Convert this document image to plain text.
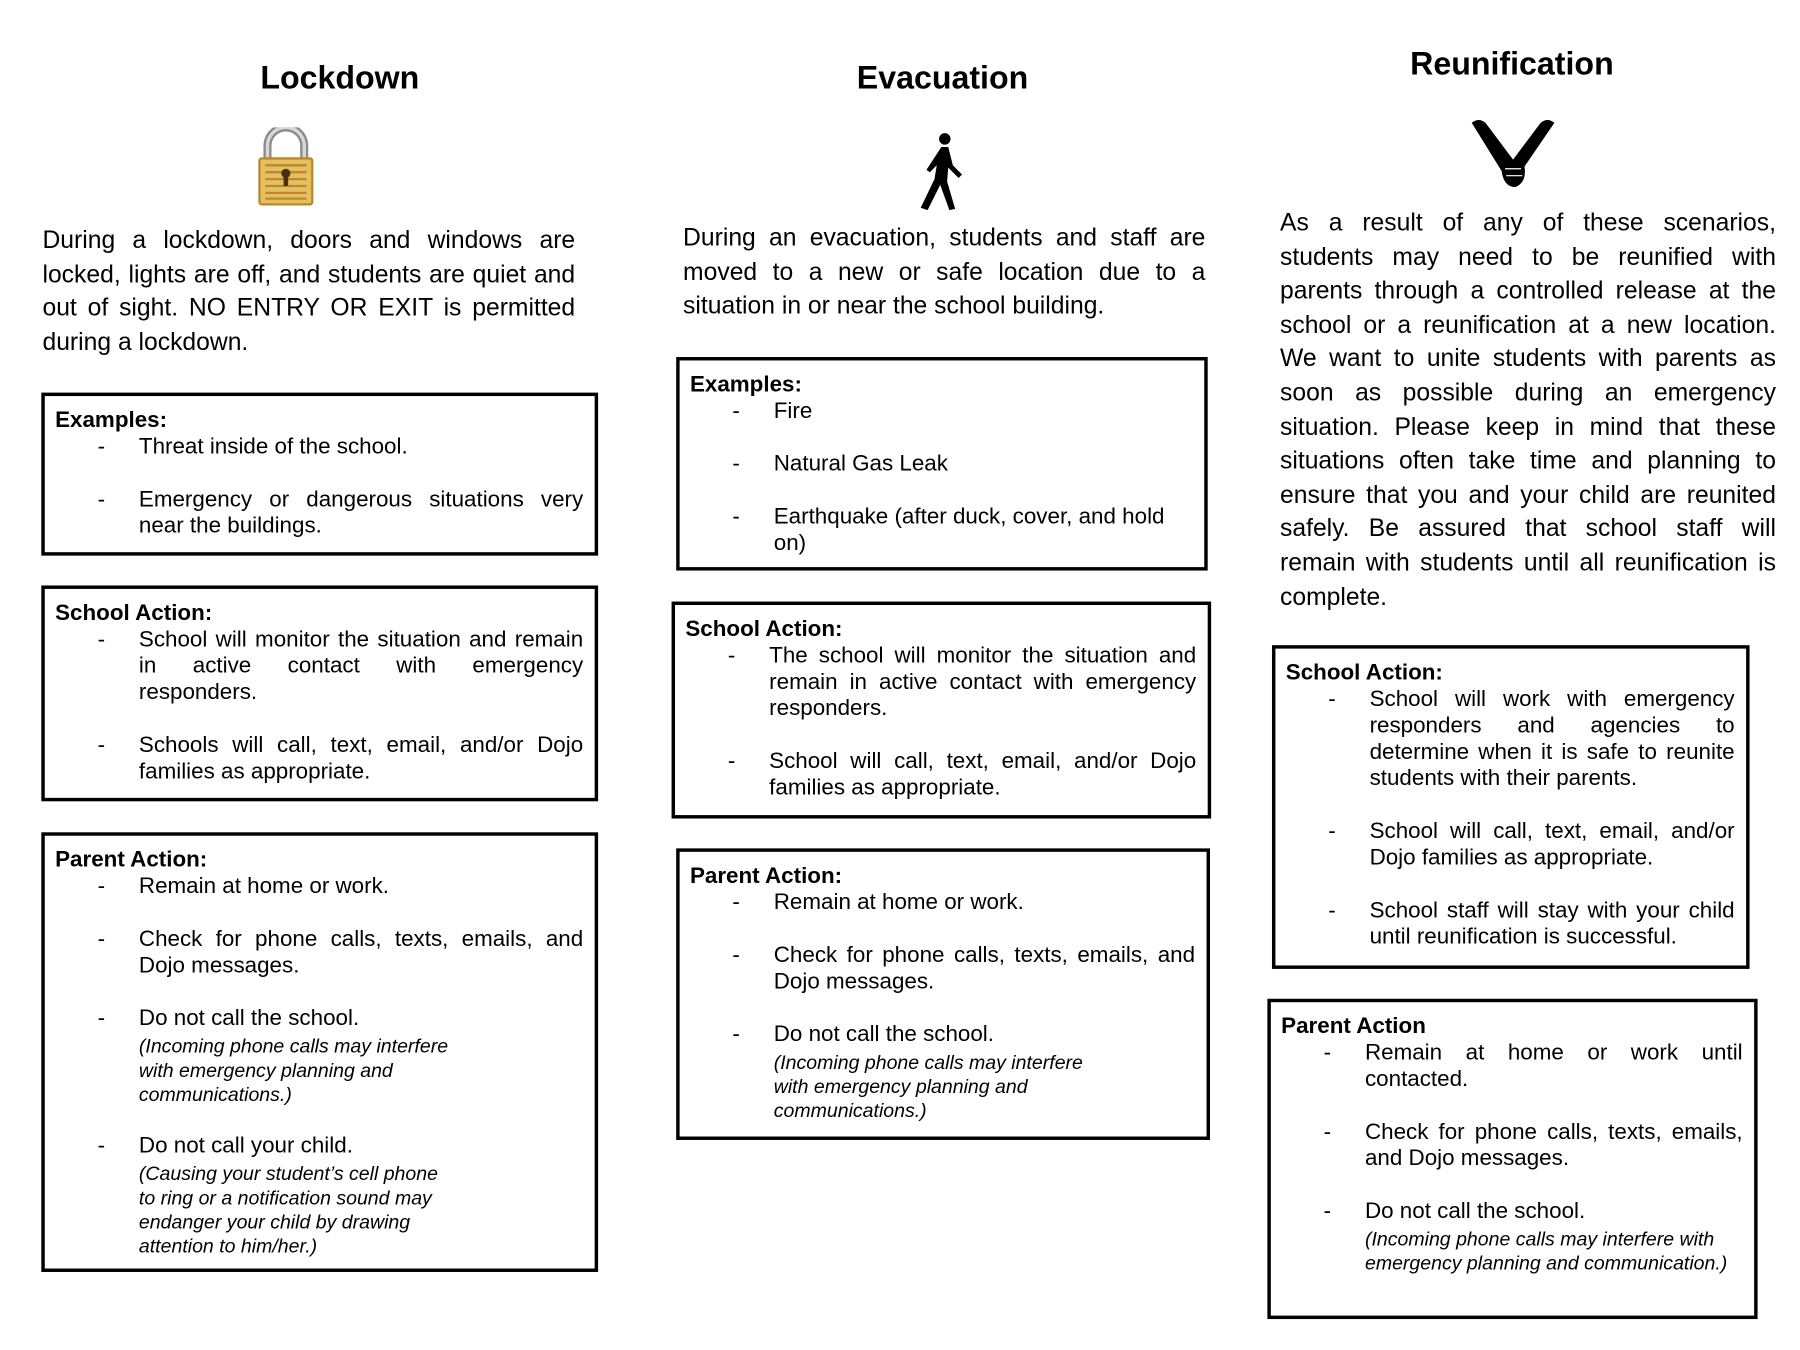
Lockdown
During a lockdown, doors and windows are locked, lights are off, and students are quiet and out of sight. NO ENTRY OR EXIT is permitted during a lockdown.
Examples:
-	Threat inside of the school.
-	Emergency or dangerous situations very near the buildings.
School Action:
-	School will monitor the situation and remain in active contact with emergency responders.
-	Schools will call, text, email, and/or Dojo families as appropriate.
Parent Action:
-	Remain at home or work.
-	Check for phone calls, texts, emails, and Dojo messages.
-	Do not call the school.
(Incoming phone calls may interfere with emergency planning and communications.)
-	Do not call your child.
(Causing your student’s cell phone to ring or a notification sound may endanger your child by drawing attention to him/her.)
Evacuation
During an evacuation, students and staff are moved to a new or safe location due to a situation in or near the school building.
Examples:
-	Fire
-	Natural Gas Leak
-	Earthquake (after duck, cover, and hold on)
School Action:
-	The school will monitor the situation and remain in active contact with emergency responders.
-	School will call, text, email, and/or Dojo families as appropriate.
Parent Action:
-	Remain at home or work.
-	Check for phone calls, texts, emails, and Dojo messages.
-	Do not call the school.
(Incoming phone calls may interfere with emergency planning and communications.)
Reunification
As a result of any of these scenarios, students may need to be reunified with parents through a controlled release at the school or a reunification at a new location. We want to unite students with parents as soon as possible during an emergency situation. Please keep in mind that these situations often take time and planning to ensure that you and your child are reunited safely. Be assured that school staff will remain with students until all reunification is complete.
School Action:
-	School will work with emergency responders and agencies to determine when it is safe to reunite students with their parents.
-	School will call, text, email, and/or Dojo families as appropriate.
-	School staff will stay with your child until reunification is successful.
Parent Action
-	Remain at home or work until contacted.
-	Check for phone calls, texts, emails, and Dojo messages.
-	Do not call the school.
(Incoming phone calls may interfere with emergency planning and communication.)
